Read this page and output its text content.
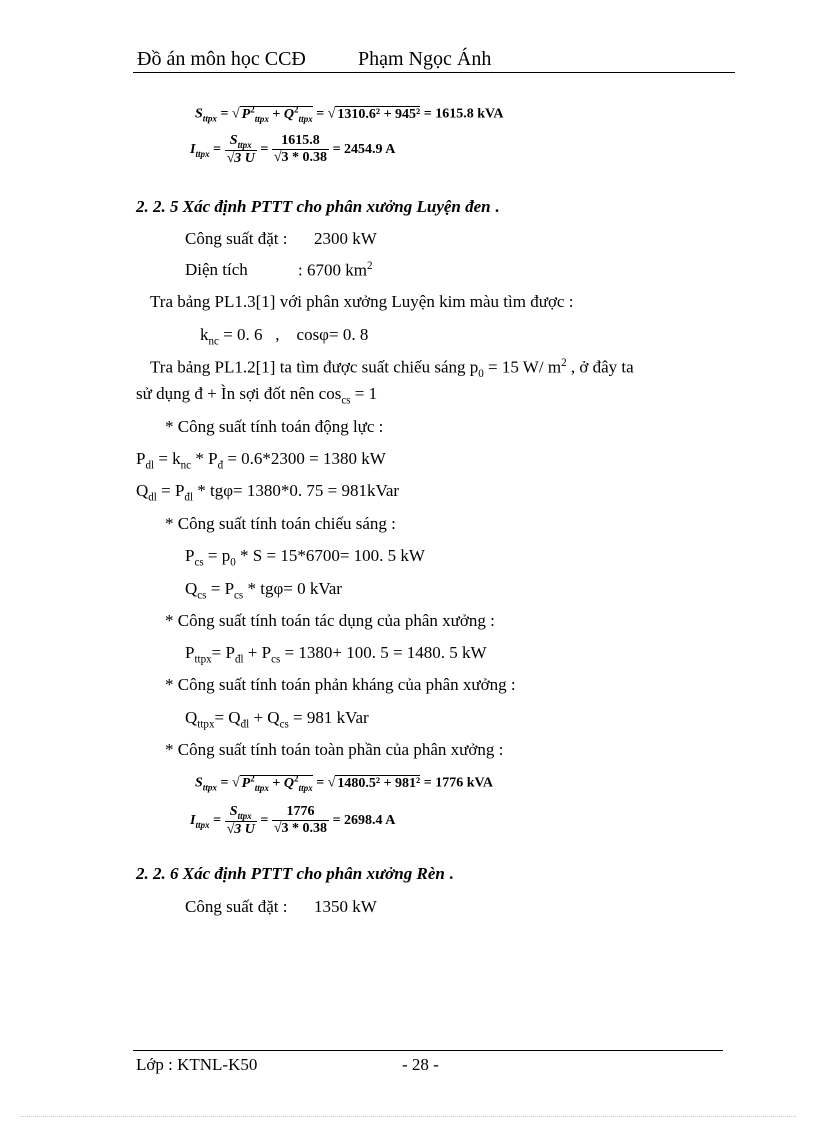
Đồ án môn học CCĐ	Phạm Ngọc Ánh
$S_{ttpx}$ = √ $P^2_{ttpx} + Q^2_{ttpx}$ = √ 1310.6² + 945² = 1615.8 kVA
$I_{ttpx} = \frac{S_{ttpx}}{√3 U} = \frac{1615.8}{√3 * 0.38} = 2454.9$ A
2. 2. 5 Xác định PTTT cho phân xưởng Luyện đen .
Công suất đặt : 2300 kW
Diện tích	: 6700 $km^2$
Tra bảng PL1.3[1] với phân xưởng Luyện kim màu tìm được :
$k_{nc} = 0$. 6   ,    cosφ= 0. 8
Tra bảng PL1.2[1] ta tìm được suất chiếu sáng $p_0 = 15$ W/ $m^2$ , ở đây ta
sử dụng đ + Ìn sợi đốt nên $\cos_{cs} = 1$
* Công suất tính toán động lực :
$P_{dl} = k_{nc} * P_đ = 0.6*2300 = 1380$ kW
$Q_{dl} = P_{đl} * tg\varphi= 1380*0$. 75 = 981kVar
* Công suất tính toán chiếu sáng :
$P_{cs} = p_0 * S = 15*6700= 100$. 5 kW
$Q_{cs} = P_{cs} * tg\varphi= 0$ kVar
* Công suất tính toán tác dụng của phân xưởng :
$P_{ttpx}= P_{đl} + P_{cs} = 1380+ 100$. 5 = 1480. 5 kW
* Công suất tính toán phản kháng của phân xưởng :
$Q_{ttpx}= Q_{đl} + Q_{cs} = 981$ kVar
* Công suất tính toán toàn phần của phân xưởng :
$S_{ttpx}$ = √ $P^2_{ttpx} + Q^2_{ttpx}$ = √ 1480.5² + 981² = 1776 kVA
$I_{ttpx} = \frac{S_{ttpx}}{√3 U} = \frac{1776}{√3 * 0.38} = 2698.4$ A
2. 2. 6 Xác định PTTT cho phân xưởng Rèn .
Công suất đặt : 1350 kW
Lớp : KTNL-K50	- 28 -
